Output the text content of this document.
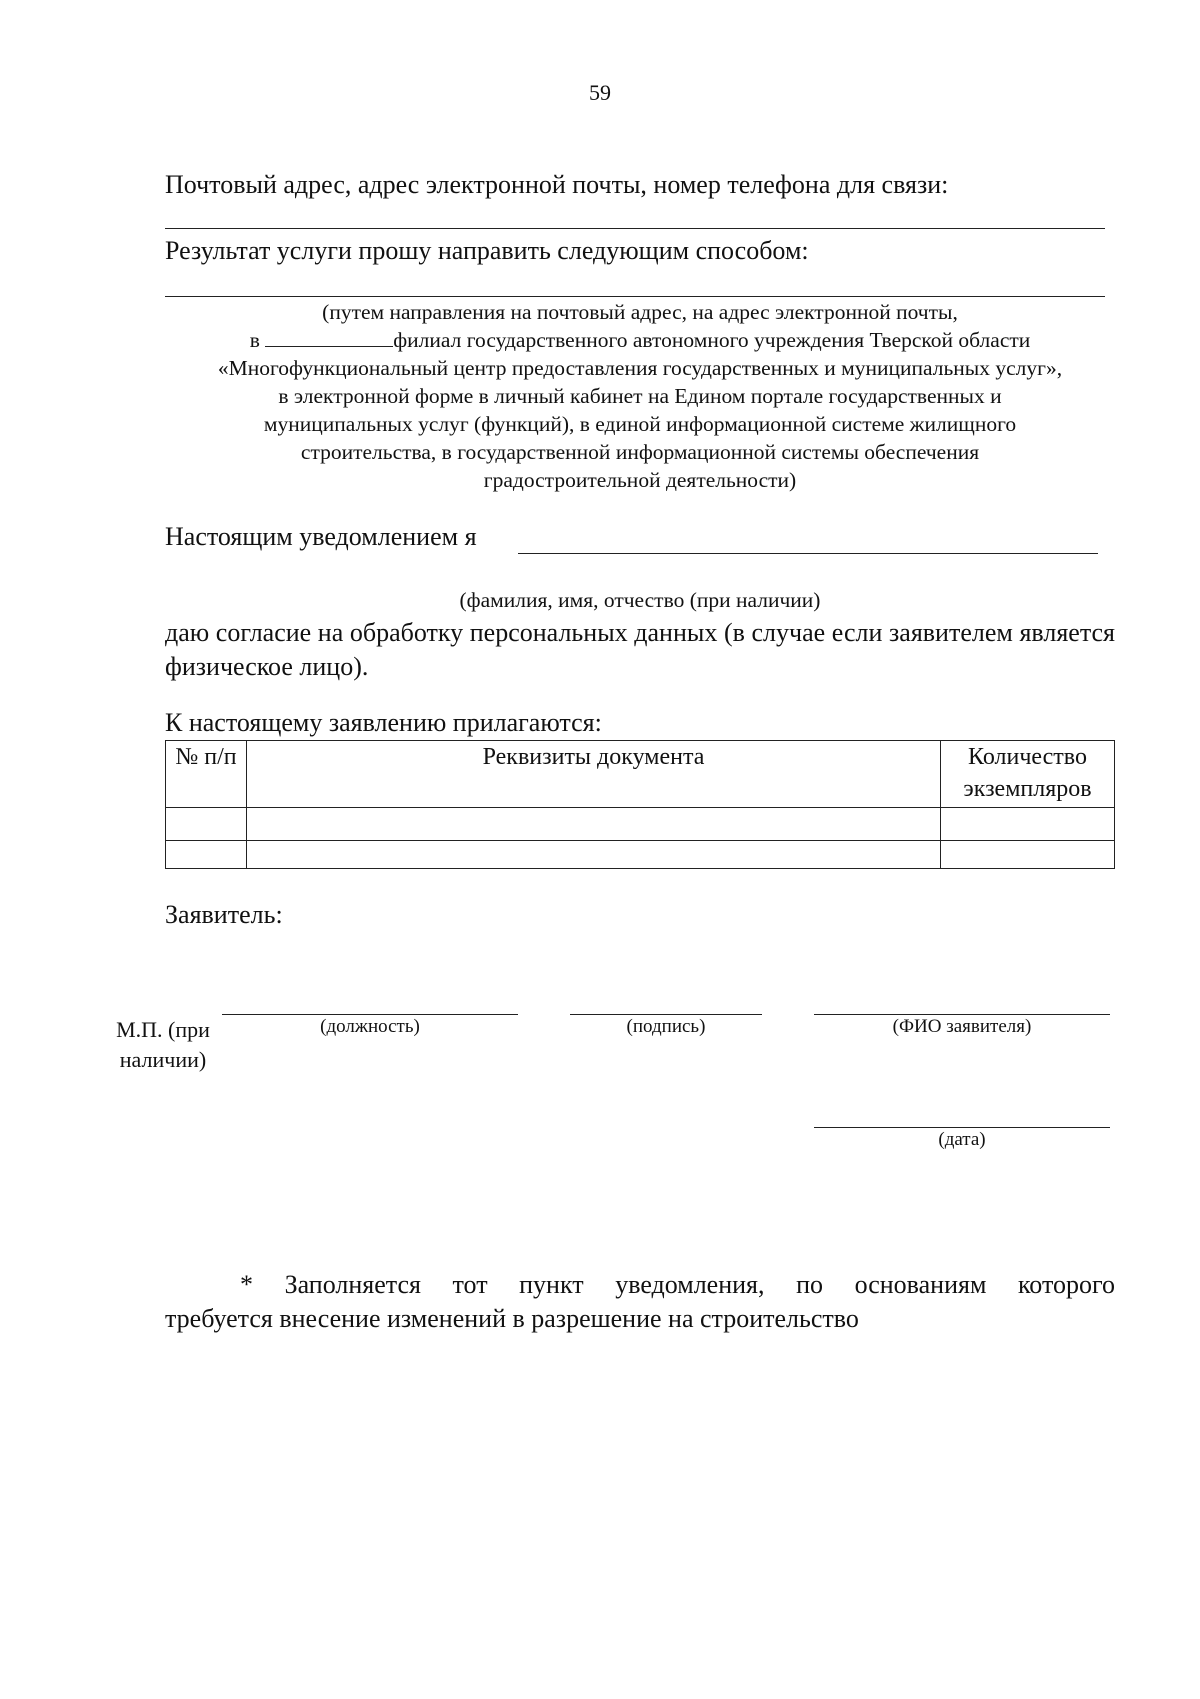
59
Почтовый адрес, адрес электронной почты, номер телефона для связи:
Результат услуги прошу направить следующим способом:
(путем направления на почтовый адрес, на адрес электронной почты,
в	филиал государственного автономного учреждения Тверской области
«Многофункциональный центр предоставления государственных и муниципальных услуг»,
в электронной форме в личный кабинет на Едином портале государственных и
муниципальных услуг (функций), в единой информационной системе жилищного
строительства, в государственной информационной системы обеспечения
градостроительной деятельности)
Настоящим уведомлением я
(фамилия, имя, отчество (при наличии)
даю согласие на обработку персональных данных (в случае если заявителем является физическое лицо).
К настоящему заявлению прилагаются:
№ п/п	Реквизиты документа	Количество экземпляров

Заявитель:
(должность)	(подпись)	(ФИО заявителя)
М.П. (при наличии)
(дата)
* Заполняется тот пункт уведомления, по основаниям которого
требуется внесение изменений в разрешение на строительство
